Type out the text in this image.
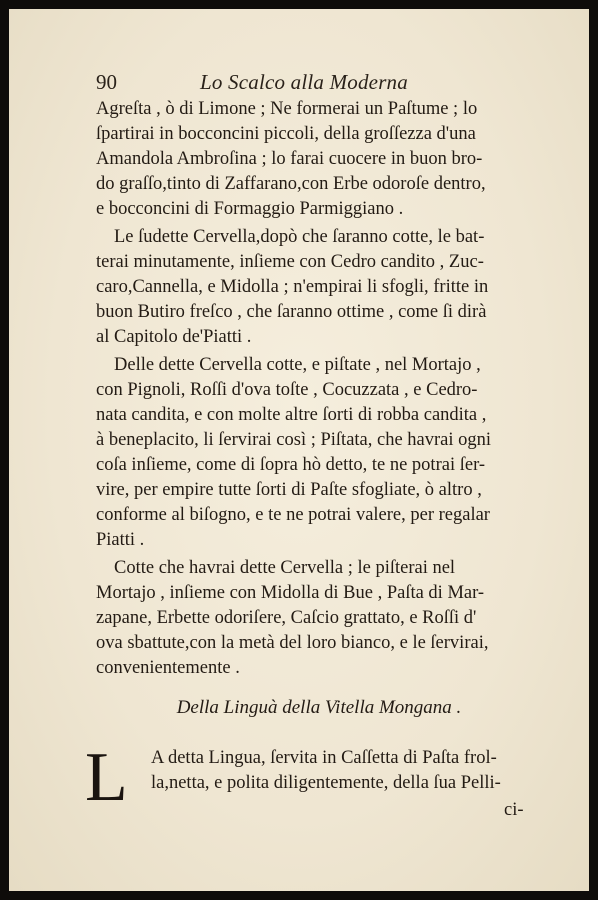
90	Lo Scalco alla Moderna
Agreſta , ò di Limone ; Ne formerai un Paſtume ; lo
ſpartirai in bocconcini piccoli, della groſſezza d'una
Amandola Ambroſina ; lo farai cuocere in buon bro-
do graſſo,tinto di Zaffarano,con Erbe odoroſe dentro,
e bocconcini di Formaggio Parmiggiano .
Le ſudette Cervella,dopò che ſaranno cotte, le bat-
terai minutamente, inſieme con Cedro candito , Zuc-
caro,Cannella, e Midolla ; n'empirai li sfogli, fritte in
buon Butiro freſco , che ſaranno ottime , come ſi dirà
al Capitolo de'Piatti .
Delle dette Cervella cotte, e piſtate , nel Mortajo ,
con Pignoli, Roſſi d'ova toſte , Cocuzzata , e Cedro-
nata candita, e con molte altre ſorti di robba candita ,
à beneplacito, li ſervirai così ; Piſtata, che havrai ogni
coſa inſieme, come di ſopra hò detto, te ne potrai ſer-
vire, per empire tutte ſorti di Paſte sfogliate, ò altro ,
conforme al biſogno, e te ne potrai valere, per regalar
Piatti .
Cotte che havrai dette Cervella ; le piſterai nel
Mortajo , inſieme con Midolla di Bue , Paſta di Mar-
zapane, Erbette odoriſere, Caſcio grattato, e Roſſi d'
ova sbattute,con la metà del loro bianco, e le ſervirai,
convenientemente .
Della Linguà della Vitella Mongana .
L A detta Lingua, ſervita in Caſſetta di Paſta frol-
la,netta, e polita diligentemente, della ſua Pelli-
ci-
